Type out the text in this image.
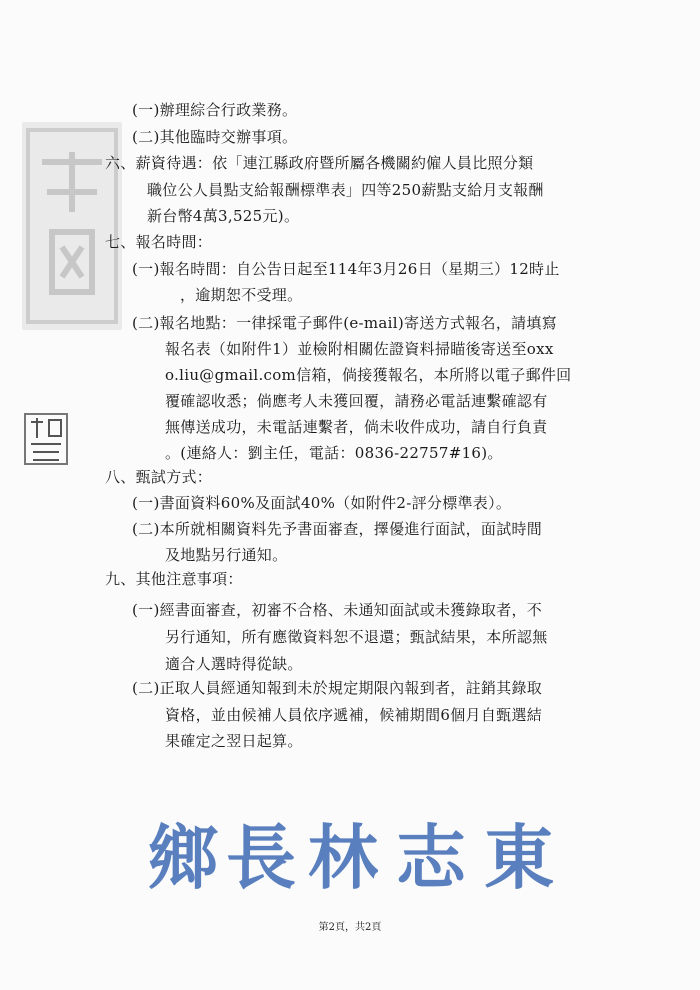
(一)辦理綜合行政業務。
(二)其他臨時交辦事項。
六、薪資待遇：依「連江縣政府暨所屬各機關約僱人員比照分類
職位公人員點支給報酬標準表」四等250薪點支給月支報酬
新台幣4萬3,525元)。
七、報名時間：
(一)報名時間：自公告日起至114年3月26日（星期三）12時止
，逾期恕不受理。
(二)報名地點：一律採電子郵件(e-mail)寄送方式報名，請填寫
報名表（如附件1）並檢附相關佐證資料掃瞄後寄送至oxx
o.liu@gmail.com信箱，倘接獲報名，本所將以電子郵件回
覆確認收悉；倘應考人未獲回覆，請務必電話連繫確認有
無傳送成功，未電話連繫者，倘未收件成功，請自行負責
。(連絡人：劉主任，電話：0836-22757#16)。
八、甄試方式：
(一)書面資料60%及面試40%（如附件2-評分標準表）。
(二)本所就相關資料先予書面審查，擇優進行面試，面試時間
及地點另行通知。
九、其他注意事項：
(一)經書面審查，初審不合格、未通知面試或未獲錄取者，不
另行通知，所有應徵資料恕不退還；甄試結果，本所認無
適合人選時得從缺。
(二)正取人員經通知報到未於規定期限內報到者，註銷其錄取
資格，並由候補人員依序遞補，候補期間6個月自甄選結
果確定之翌日起算。
鄉 長 林 志 東
第2頁，共2頁
